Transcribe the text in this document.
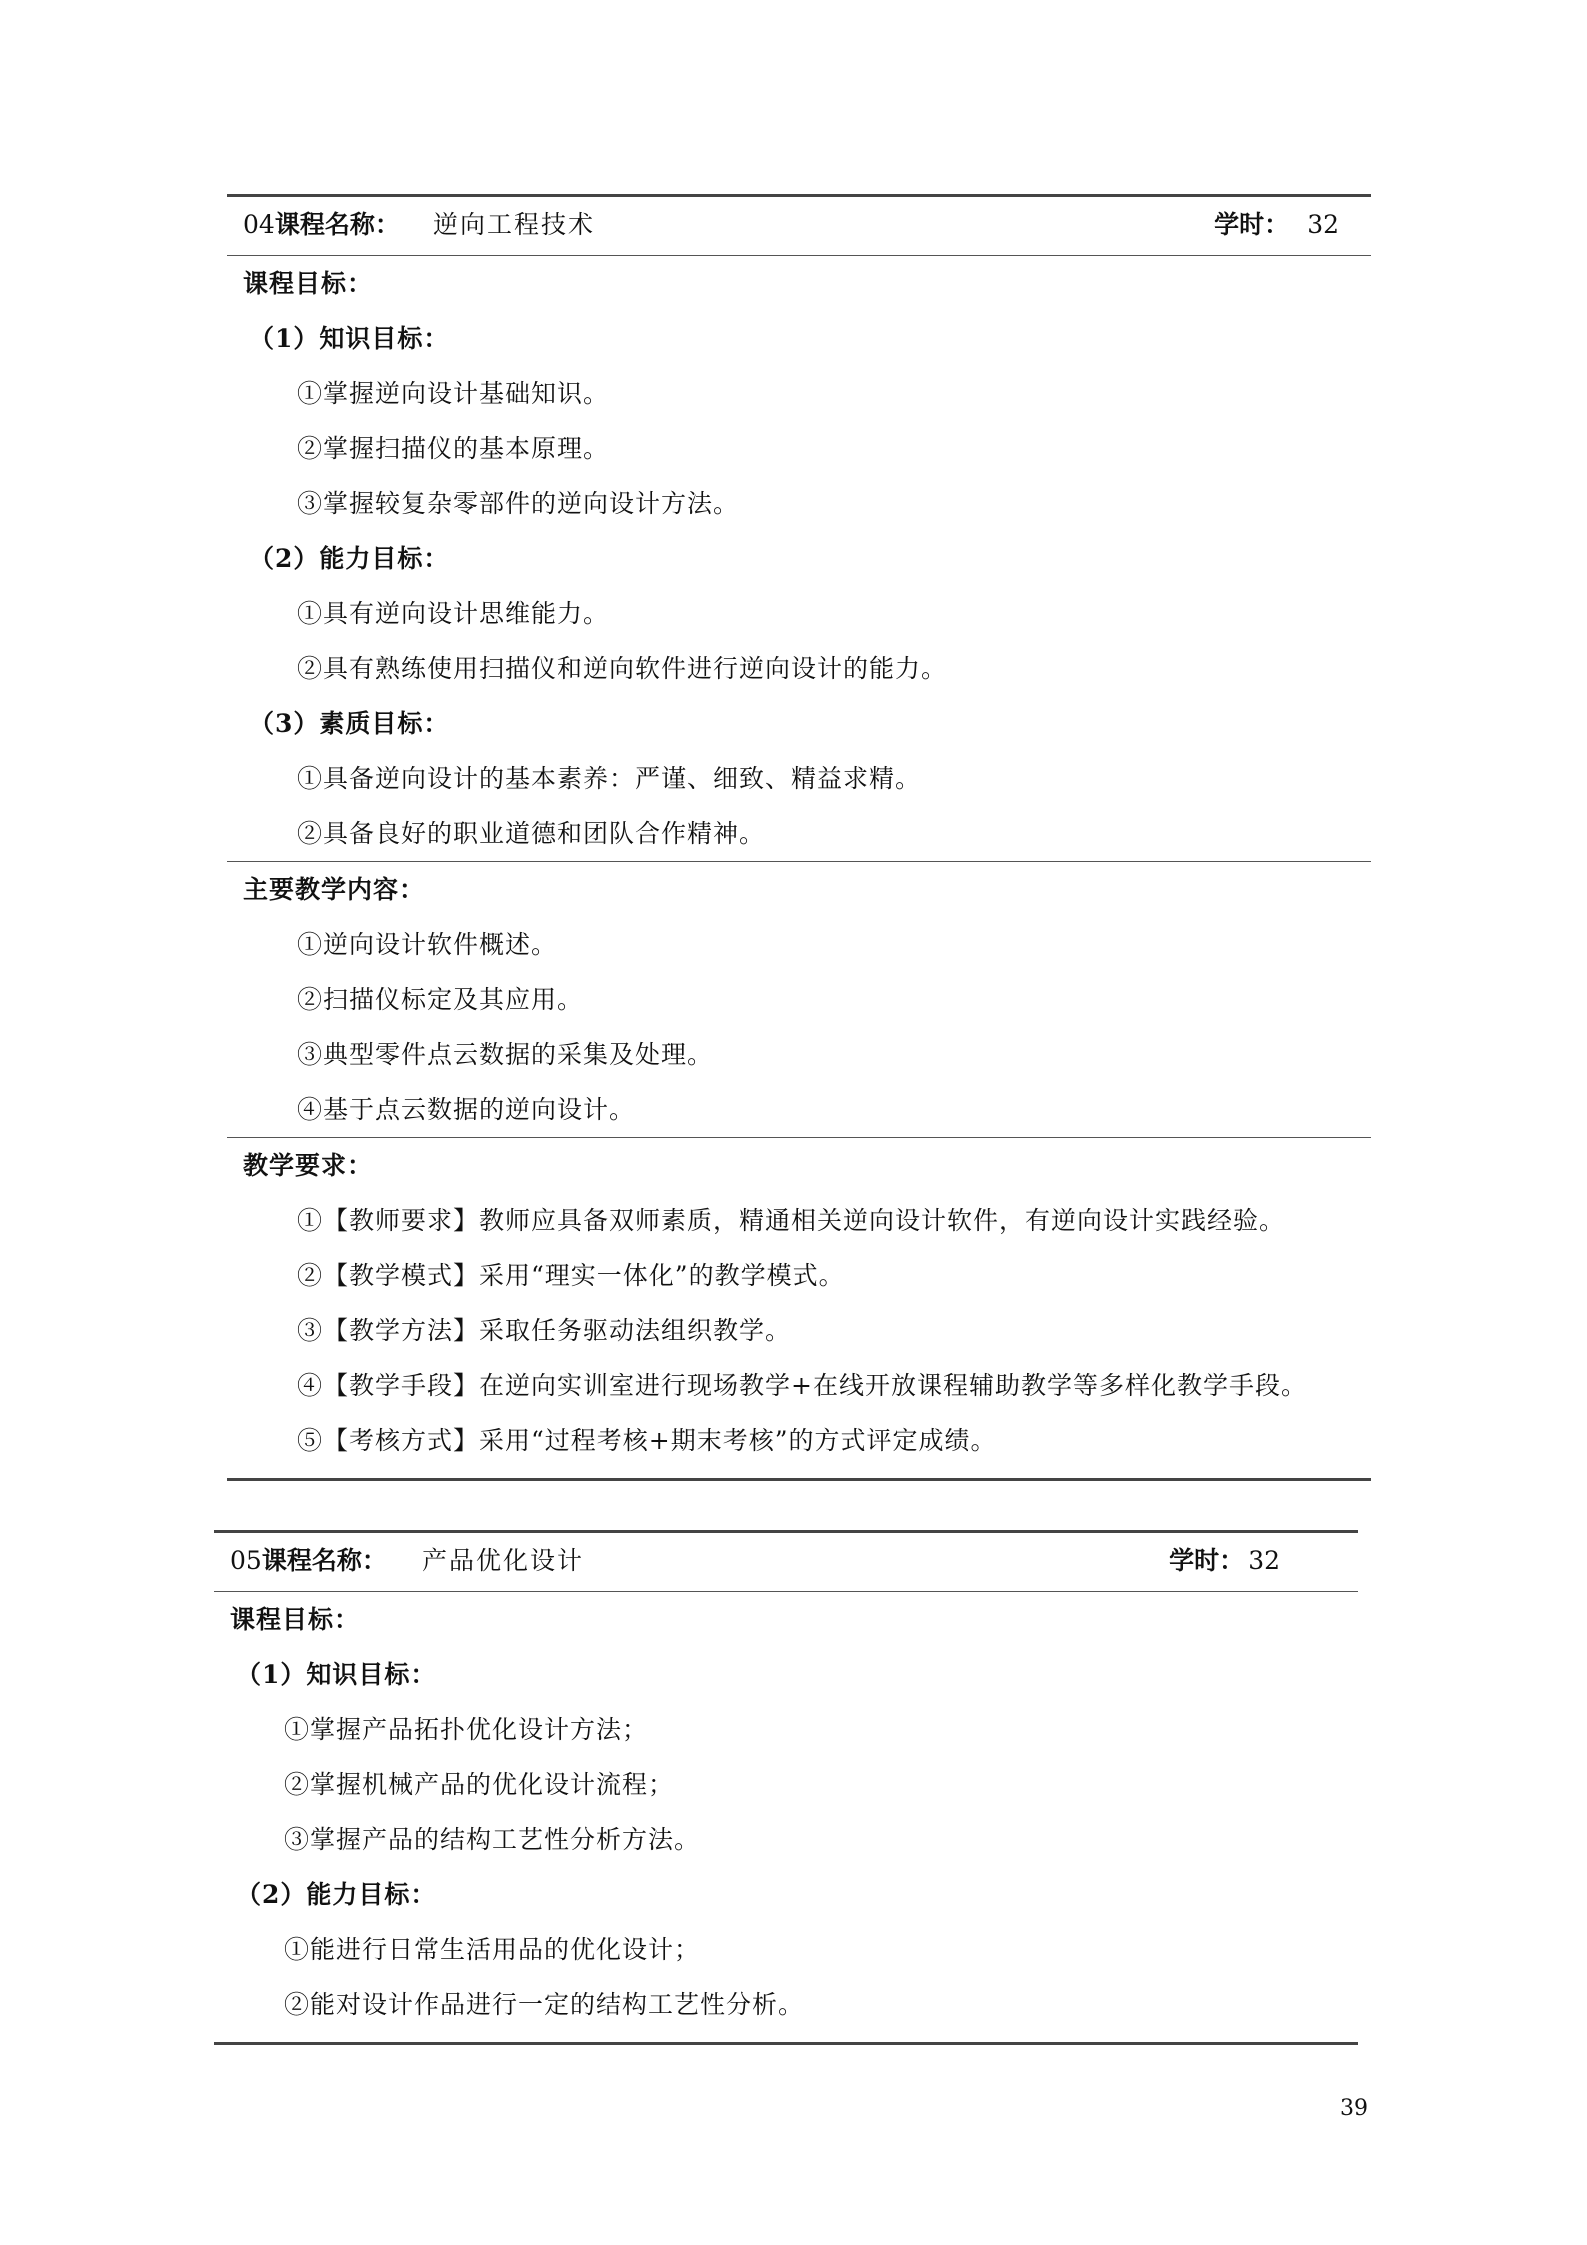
04课程名称： 逆向工程技术	学时： 32
课程目标：
（1）知识目标：
①掌握逆向设计基础知识。
②掌握扫描仪的基本原理。
③掌握较复杂零部件的逆向设计方法。
（2）能力目标：
①具有逆向设计思维能力。
②具有熟练使用扫描仪和逆向软件进行逆向设计的能力。
（3）素质目标：
①具备逆向设计的基本素养：严谨、细致、精益求精。
②具备良好的职业道德和团队合作精神。
主要教学内容：
①逆向设计软件概述。
②扫描仪标定及其应用。
③典型零件点云数据的采集及处理。
④基于点云数据的逆向设计。
教学要求：
①【教师要求】教师应具备双师素质，精通相关逆向设计软件，有逆向设计实践经验。
②【教学模式】采用“理实一体化”的教学模式。
③【教学方法】采取任务驱动法组织教学。
④【教学手段】在逆向实训室进行现场教学+在线开放课程辅助教学等多样化教学手段。
⑤【考核方式】采用“过程考核+期末考核”的方式评定成绩。
05课程名称： 产品优化设计	学时： 32
课程目标：
（1）知识目标：
①掌握产品拓扑优化设计方法；
②掌握机械产品的优化设计流程；
③掌握产品的结构工艺性分析方法。
（2）能力目标：
①能进行日常生活用品的优化设计；
②能对设计作品进行一定的结构工艺性分析。
39
